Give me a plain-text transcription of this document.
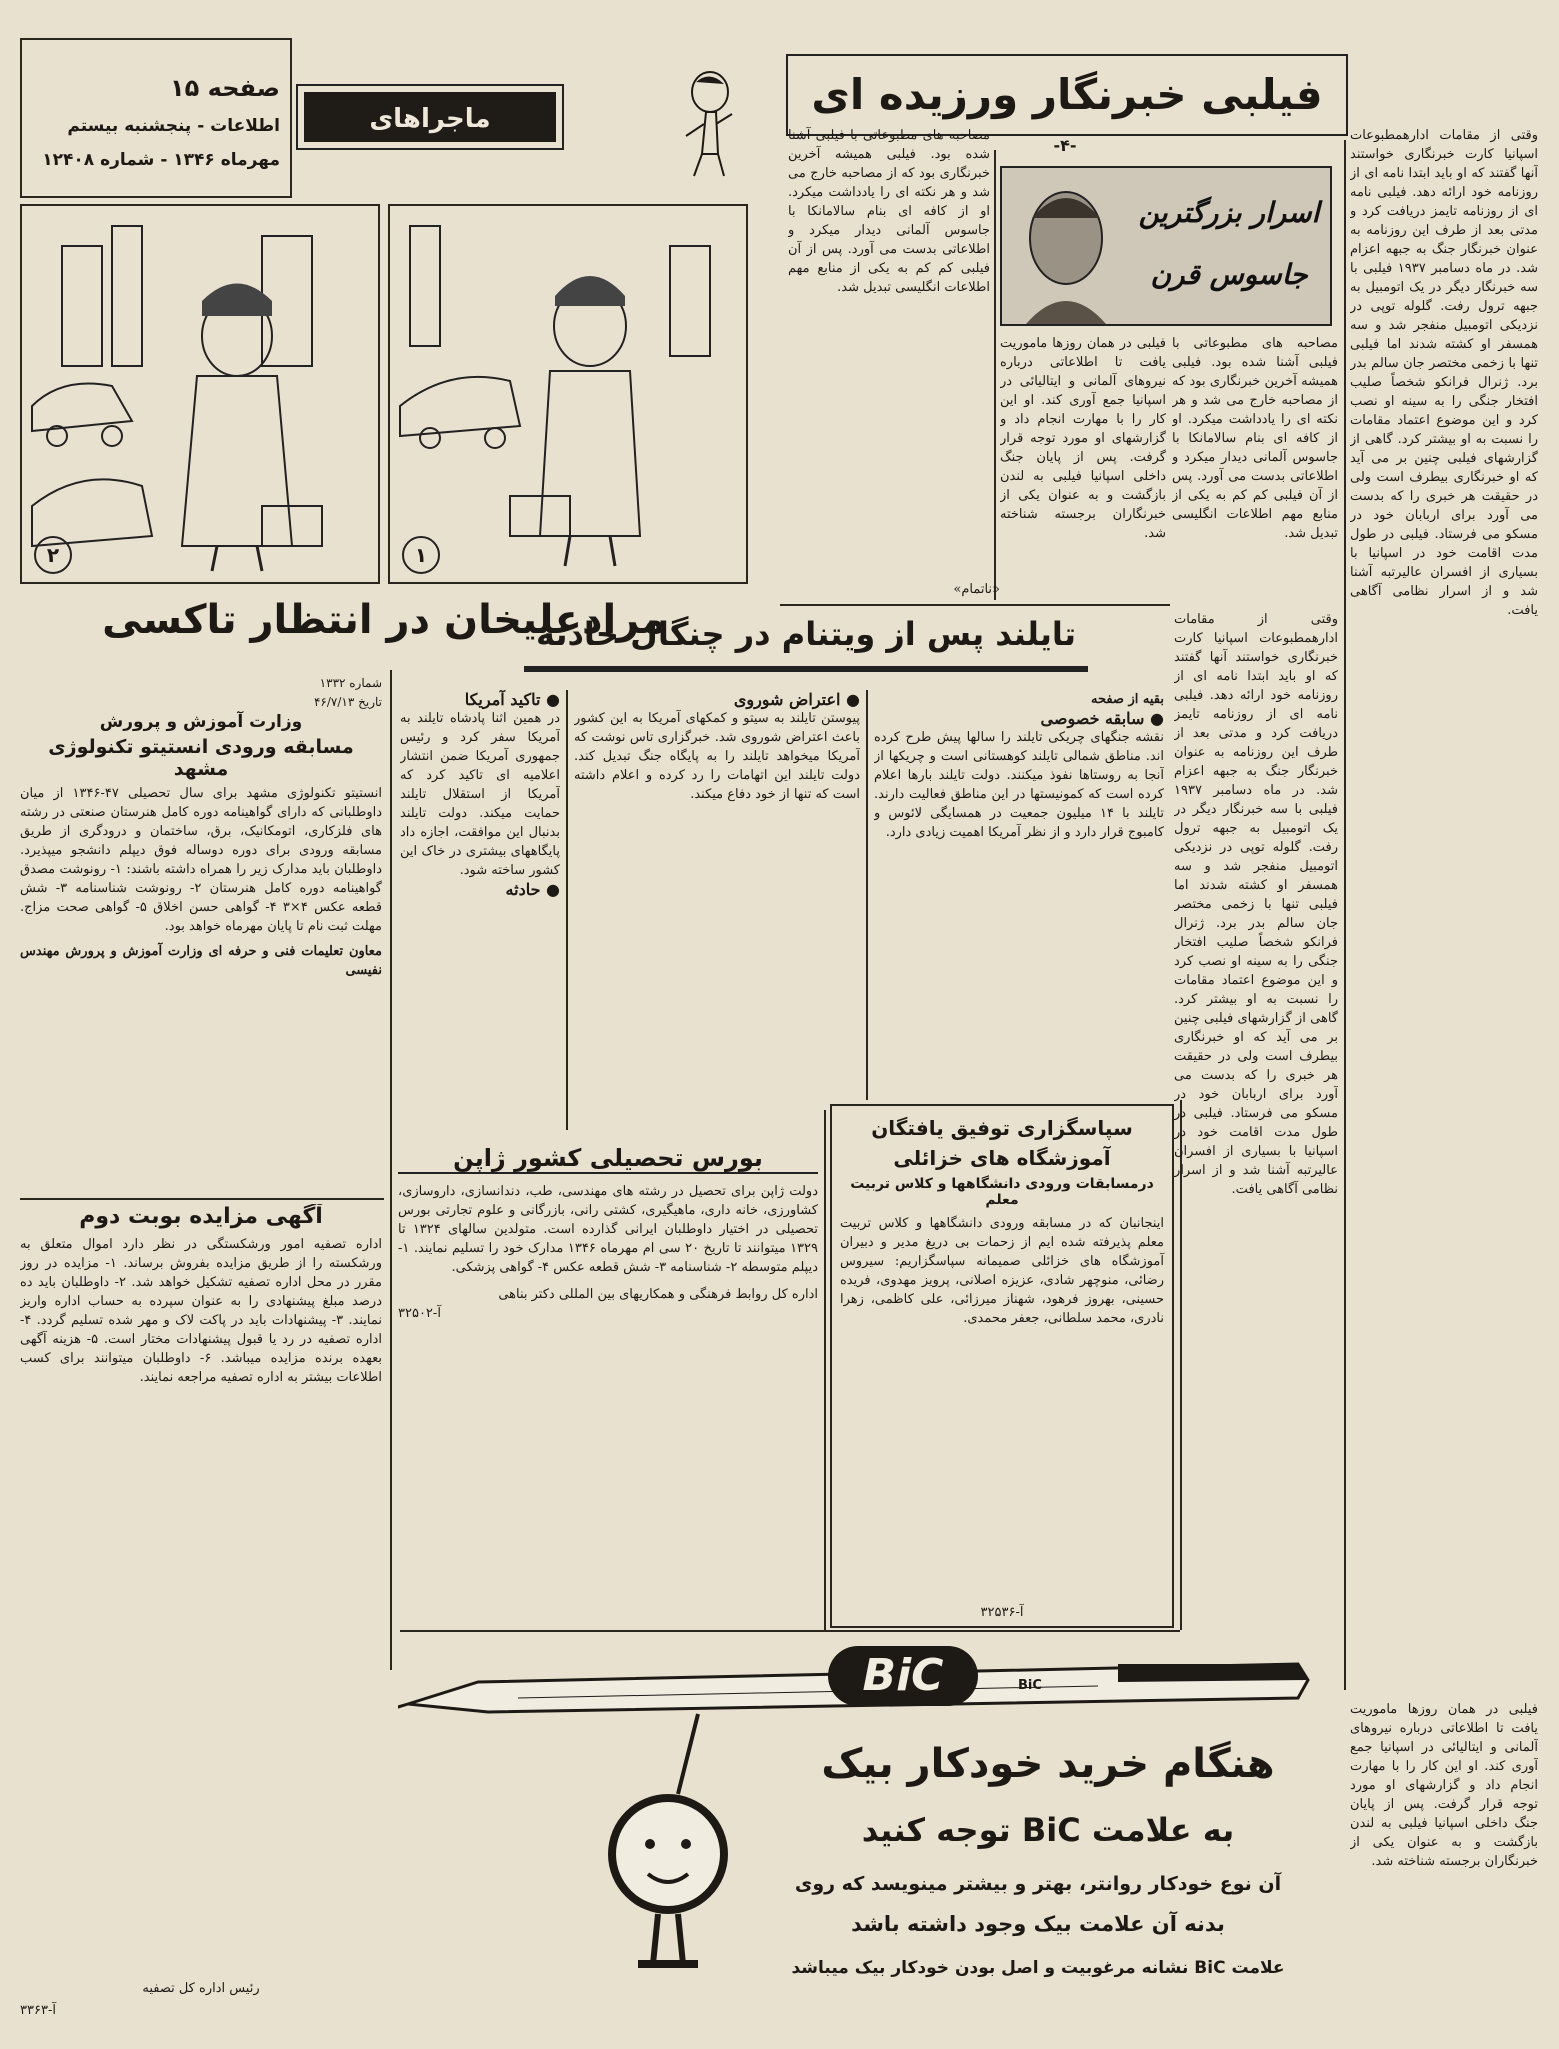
صفحه ۱۵
اطلاعات - پنجشنبه بیستم
مهرماه ۱۳۴۶ - شماره ۱۲۴۰۸
ماجراهای
۲	۱
مرادعلیخان در انتظار تاکسی
فیلبی خبرنگار ورزیده ای
-۴-
وقتی از مقامات ادارهمطبوعات اسپانیا کارت خبرنگاری خواستند آنها گفتند که او باید ابتدا نامه ای از روزنامه خود ارائه دهد. فیلبی نامه ای از روزنامه تایمز دریافت کرد و مدتی بعد از طرف این روزنامه به عنوان خبرنگار جنگ به جبهه اعزام شد. در ماه دسامبر ۱۹۳۷ فیلبی با سه خبرنگار دیگر در یک اتومبیل به جبهه ترول رفت. گلوله توپی در نزدیکی اتومبیل منفجر شد و سه همسفر او کشته شدند اما فیلبی تنها با زخمی مختصر جان سالم بدر برد. ژنرال فرانکو شخصاً صلیب افتخار جنگی را به سینه او نصب کرد و این موضوع اعتماد مقامات را نسبت به او بیشتر کرد. گاهی از گزارشهای فیلبی چنین بر می آید که او خبرنگاری بیطرف است ولی در حقیقت هر خبری را که بدست می آورد برای اربابان خود در مسکو می فرستاد. فیلبی در طول مدت اقامت خود در اسپانیا با بسیاری از افسران عالیرتبه آشنا شد و از اسرار نظامی آگاهی یافت.
اسرار بزرگترین جاسوس قرن
مصاحبه های مطبوعاتی با فیلبی آشنا شده بود. فیلبی همیشه آخرین خبرنگاری بود که از مصاحبه خارج می شد و هر نکته ای را یادداشت میکرد. او از کافه ای بنام سالامانکا با جاسوس آلمانی دیدار میکرد و اطلاعاتی بدست می آورد. پس از آن فیلبی کم کم به یکی از منابع مهم اطلاعات انگلیسی تبدیل شد.
فیلبی در همان روزها ماموریت یافت تا اطلاعاتی درباره نیروهای آلمانی و ایتالیائی در اسپانیا جمع آوری کند. او این کار را با مهارت انجام داد و گزارشهای او مورد توجه قرار گرفت. پس از پایان جنگ داخلی اسپانیا فیلبی به لندن بازگشت و به عنوان یکی از خبرنگاران برجسته شناخته شد.
مصاحبه های مطبوعاتی با فیلبی آشنا شده بود. فیلبی همیشه آخرین خبرنگاری بود که از مصاحبه خارج می شد و هر نکته ای را یادداشت میکرد. او از کافه ای بنام سالامانکا با جاسوس آلمانی دیدار میکرد و اطلاعاتی بدست می آورد. پس از آن فیلبی کم کم به یکی از منابع مهم اطلاعات انگلیسی تبدیل شد.
«ناتمام»
تایلند پس از ویتنام در چنگال حادثه
بقیه از صفحه
● سابقه خصوصی
نقشه جنگهای چریکی تایلند را سالها پیش طرح کرده اند. مناطق شمالی تایلند کوهستانی است و چریکها از آنجا به روستاها نفوذ میکنند. دولت تایلند بارها اعلام کرده است که کمونیستها در این مناطق فعالیت دارند. تایلند با ۱۴ میلیون جمعیت در همسایگی لائوس و کامبوج قرار دارد و از نظر آمریکا اهمیت زیادی دارد.
● اعتراض شوروی
پیوستن تایلند به سیتو و کمکهای آمریکا به این کشور باعث اعتراض شوروی شد. خبرگزاری تاس نوشت که آمریکا میخواهد تایلند را به پایگاه جنگ تبدیل کند. دولت تایلند این اتهامات را رد کرده و اعلام داشته است که تنها از خود دفاع میکند.
● تاکید آمریکا
در همین اثنا پادشاه تایلند به آمریکا سفر کرد و رئیس جمهوری آمریکا ضمن انتشار اعلامیه ای تاکید کرد که آمریکا از استقلال تایلند حمایت میکند. دولت تایلند بدنبال این موافقت، اجازه داد پایگاههای بیشتری در خاک این کشور ساخته شود.
● حادثه
شماره ۱۳۳۲
تاریخ ۴۶/۷/۱۳
وزارت آموزش و پرورش
مسابقه ورودی انستیتو تکنولوژی مشهد
انستیتو تکنولوژی مشهد برای سال تحصیلی ۴۷-۱۳۴۶ از میان داوطلبانی که دارای گواهینامه دوره کامل هنرستان صنعتی در رشته های فلزکاری، اتومکانیک، برق، ساختمان و درودگری از طریق مسابقه ورودی برای دوره دوساله فوق دیپلم دانشجو میپذیرد. داوطلبان باید مدارک زیر را همراه داشته باشند: ۱- رونوشت مصدق گواهینامه دوره کامل هنرستان ۲- رونوشت شناسنامه ۳- شش قطعه عکس ۴×۳ ۴- گواهی حسن اخلاق ۵- گواهی صحت مزاج. مهلت ثبت نام تا پایان مهرماه خواهد بود.
معاون تعلیمات فنی و حرفه ای وزارت آموزش و پرورش مهندس نفیسی
آگهی مزایده بوبت دوم
اداره تصفیه امور ورشکستگی در نظر دارد اموال متعلق به ورشکسته را از طریق مزایده بفروش برساند. ۱- مزایده در روز مقرر در محل اداره تصفیه تشکیل خواهد شد. ۲- داوطلبان باید ده درصد مبلغ پیشنهادی را به عنوان سپرده به حساب اداره واریز نمایند. ۳- پیشنهادات باید در پاکت لاک و مهر شده تسلیم گردد. ۴- اداره تصفیه در رد یا قبول پیشنهادات مختار است. ۵- هزینه آگهی بعهده برنده مزایده میباشد. ۶- داوطلبان میتوانند برای کسب اطلاعات بیشتر به اداره تصفیه مراجعه نمایند.
رئیس اداره کل تصفیه
آ-۳۳۶۳
بورس تحصیلی کشور ژاپن
دولت ژاپن برای تحصیل در رشته های مهندسی، طب، دندانسازی، داروسازی، کشاورزی، خانه داری، ماهیگیری، کشتی رانی، بازرگانی و علوم تجارتی بورس تحصیلی در اختیار داوطلبان ایرانی گذارده است. متولدین سالهای ۱۳۲۴ تا ۱۳۲۹ میتوانند تا تاریخ ۲۰ سی ام مهرماه ۱۳۴۶ مدارک خود را تسلیم نمایند. ۱- دیپلم متوسطه ۲- شناسنامه ۳- شش قطعه عکس ۴- گواهی پزشکی.
اداره کل روابط فرهنگی و همکاریهای بین المللی دکتر بناهی
آ-۳۲۵۰۲
سپاسگزاری توفیق یافتگان
آموزشگاه های خزائلی
درمسابقات ورودی دانشگاهها و کلاس تربیت معلم
اینجانبان که در مسابقه ورودی دانشگاهها و کلاس تربیت معلم پذیرفته شده ایم از زحمات بی دریغ مدیر و دبیران آموزشگاه های خزائلی صمیمانه سپاسگزاریم: سیروس رضائی، منوچهر شادی، عزیزه اصلانی، پرویز مهدوی، فریده حسینی، بهروز فرهود، شهناز میرزائی، علی کاظمی، زهرا نادری، محمد سلطانی، جعفر محمدی.
آ-۳۲۵۳۶
BiC
BiC
هنگام خرید خودکار بیک
به علامت BiC توجه کنید
آن نوع خودکار روانتر، بهتر و بیشتر مینویسد که روی
بدنه آن علامت بیک وجود داشته باشد
علامت BiC نشانه مرغوبیت و اصل بودن خودکار بیک میباشد
وقتی از مقامات ادارهمطبوعات اسپانیا کارت خبرنگاری خواستند آنها گفتند که او باید ابتدا نامه ای از روزنامه خود ارائه دهد. فیلبی نامه ای از روزنامه تایمز دریافت کرد و مدتی بعد از طرف این روزنامه به عنوان خبرنگار جنگ به جبهه اعزام شد. در ماه دسامبر ۱۹۳۷ فیلبی با سه خبرنگار دیگر در یک اتومبیل به جبهه ترول رفت. گلوله توپی در نزدیکی اتومبیل منفجر شد و سه همسفر او کشته شدند اما فیلبی تنها با زخمی مختصر جان سالم بدر برد. ژنرال فرانکو شخصاً صلیب افتخار جنگی را به سینه او نصب کرد و این موضوع اعتماد مقامات را نسبت به او بیشتر کرد. گاهی از گزارشهای فیلبی چنین بر می آید که او خبرنگاری بیطرف است ولی در حقیقت هر خبری را که بدست می آورد برای اربابان خود در مسکو می فرستاد. فیلبی در طول مدت اقامت خود در اسپانیا با بسیاری از افسران عالیرتبه آشنا شد و از اسرار نظامی آگاهی یافت.
فیلبی در همان روزها ماموریت یافت تا اطلاعاتی درباره نیروهای آلمانی و ایتالیائی در اسپانیا جمع آوری کند. او این کار را با مهارت انجام داد و گزارشهای او مورد توجه قرار گرفت. پس از پایان جنگ داخلی اسپانیا فیلبی به لندن بازگشت و به عنوان یکی از خبرنگاران برجسته شناخته شد.
